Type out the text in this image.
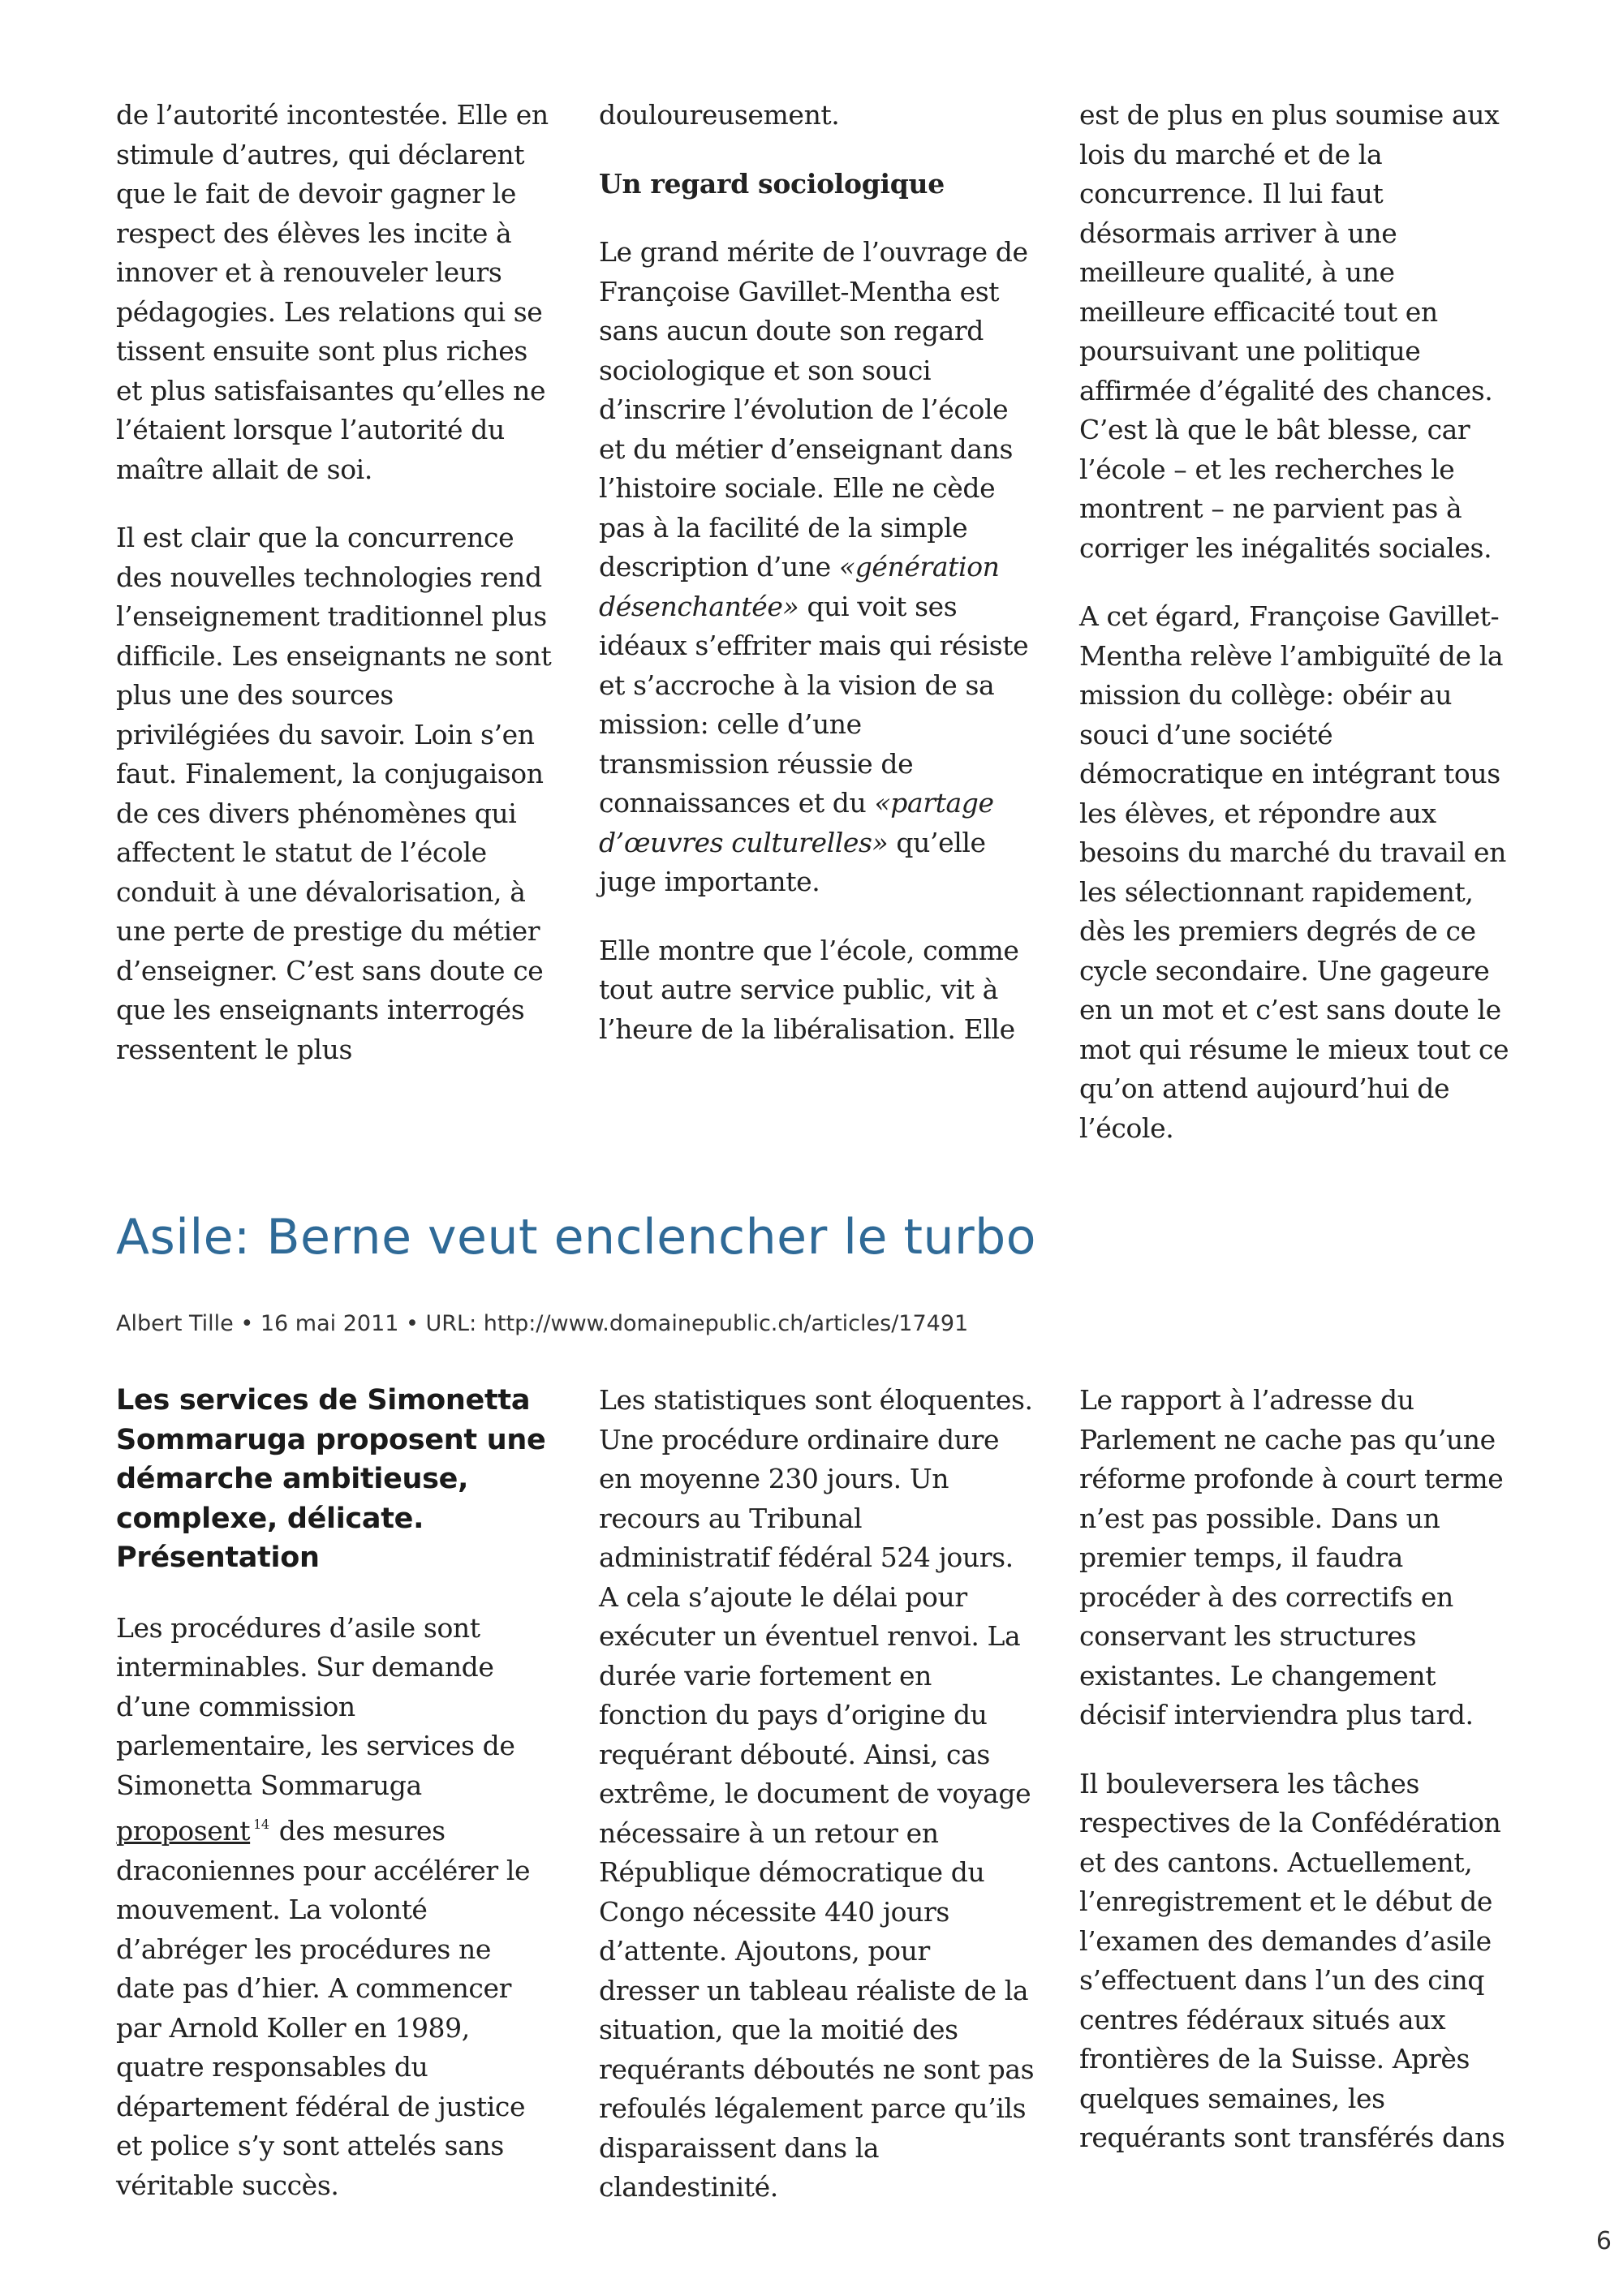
de l’autorité incontestée. Elle en stimule d’autres, qui déclarent que le fait de devoir gagner le respect des élèves les incite à innover et à renouveler leurs pédagogies. Les relations qui se tissent ensuite sont plus riches et plus satisfaisantes qu’elles ne l’étaient lorsque l’autorité du maître allait de soi.

Il est clair que la concurrence des nouvelles technologies rend l’enseignement traditionnel plus difficile. Les enseignants ne sont plus une des sources privilégiées du savoir. Loin s’en faut. Finalement, la conjugaison de ces divers phénomènes qui affectent le statut de l’école conduit à une dévalorisation, à une perte de prestige du métier d’enseigner. C’est sans doute ce que les enseignants interrogés ressentent le plus

douloureusement.

Un regard sociologique

Le grand mérite de l’ouvrage de Françoise Gavillet-Mentha est sans aucun doute son regard sociologique et son souci d’inscrire l’évolution de l’école et du métier d’enseignant dans l’histoire sociale. Elle ne cède pas à la facilité de la simple description d’une «génération désenchantée» qui voit ses idéaux s’effriter mais qui résiste et s’accroche à la vision de sa mission: celle d’une transmission réussie de connaissances et du «partage d’œuvres culturelles» qu’elle juge importante.

Elle montre que l’école, comme tout autre service public, vit à l’heure de la libéralisation. Elle

est de plus en plus soumise aux lois du marché et de la concurrence. Il lui faut désormais arriver à une meilleure qualité, à une meilleure efficacité tout en poursuivant une politique affirmée d’égalité des chances. C’est là que le bât blesse, car l’école – et les recherches le montrent – ne parvient pas à corriger les inégalités sociales.

A cet égard, Françoise Gavillet-Mentha relève l’ambiguïté de la mission du collège: obéir au souci d’une société démocratique en intégrant tous les élèves, et répondre aux besoins du marché du travail en les sélectionnant rapidement, dès les premiers degrés de ce cycle secondaire. Une gageure en un mot et c’est sans doute le mot qui résume le mieux tout ce qu’on attend aujourd’hui de l’école.

Asile: Berne veut enclencher le turbo
Albert Tille • 16 mai 2011 • URL: http://www.domainepublic.ch/articles/17491
Les services de Simonetta Sommaruga proposent une démarche ambitieuse, complexe, délicate. Présentation

Les procédures d’asile sont interminables. Sur demande d’une commission parlementaire, les services de Simonetta Sommaruga proposent $^{14}$ des mesures draconiennes pour accélérer le mouvement. La volonté d’abréger les procédures ne date pas d’hier. A commencer par Arnold Koller en 1989, quatre responsables du département fédéral de justice et police s’y sont attelés sans véritable succès.

Les statistiques sont éloquentes. Une procédure ordinaire dure en moyenne 230 jours. Un recours au Tribunal administratif fédéral 524 jours. A cela s’ajoute le délai pour exécuter un éventuel renvoi. La durée varie fortement en fonction du pays d’origine du requérant débouté. Ainsi, cas extrême, le document de voyage nécessaire à un retour en République démocratique du Congo nécessite 440 jours d’attente. Ajoutons, pour dresser un tableau réaliste de la situation, que la moitié des requérants déboutés ne sont pas refoulés légalement parce qu’ils disparaissent dans la clandestinité.

Le rapport à l’adresse du Parlement ne cache pas qu’une réforme profonde à court terme n’est pas possible. Dans un premier temps, il faudra procéder à des correctifs en conservant les structures existantes. Le changement décisif interviendra plus tard.

Il bouleversera les tâches respectives de la Confédération et des cantons. Actuellement, l’enregistrement et le début de l’examen des demandes d’asile s’effectuent dans l’un des cinq centres fédéraux situés aux frontières de la Suisse. Après quelques semaines, les requérants sont transférés dans

6
